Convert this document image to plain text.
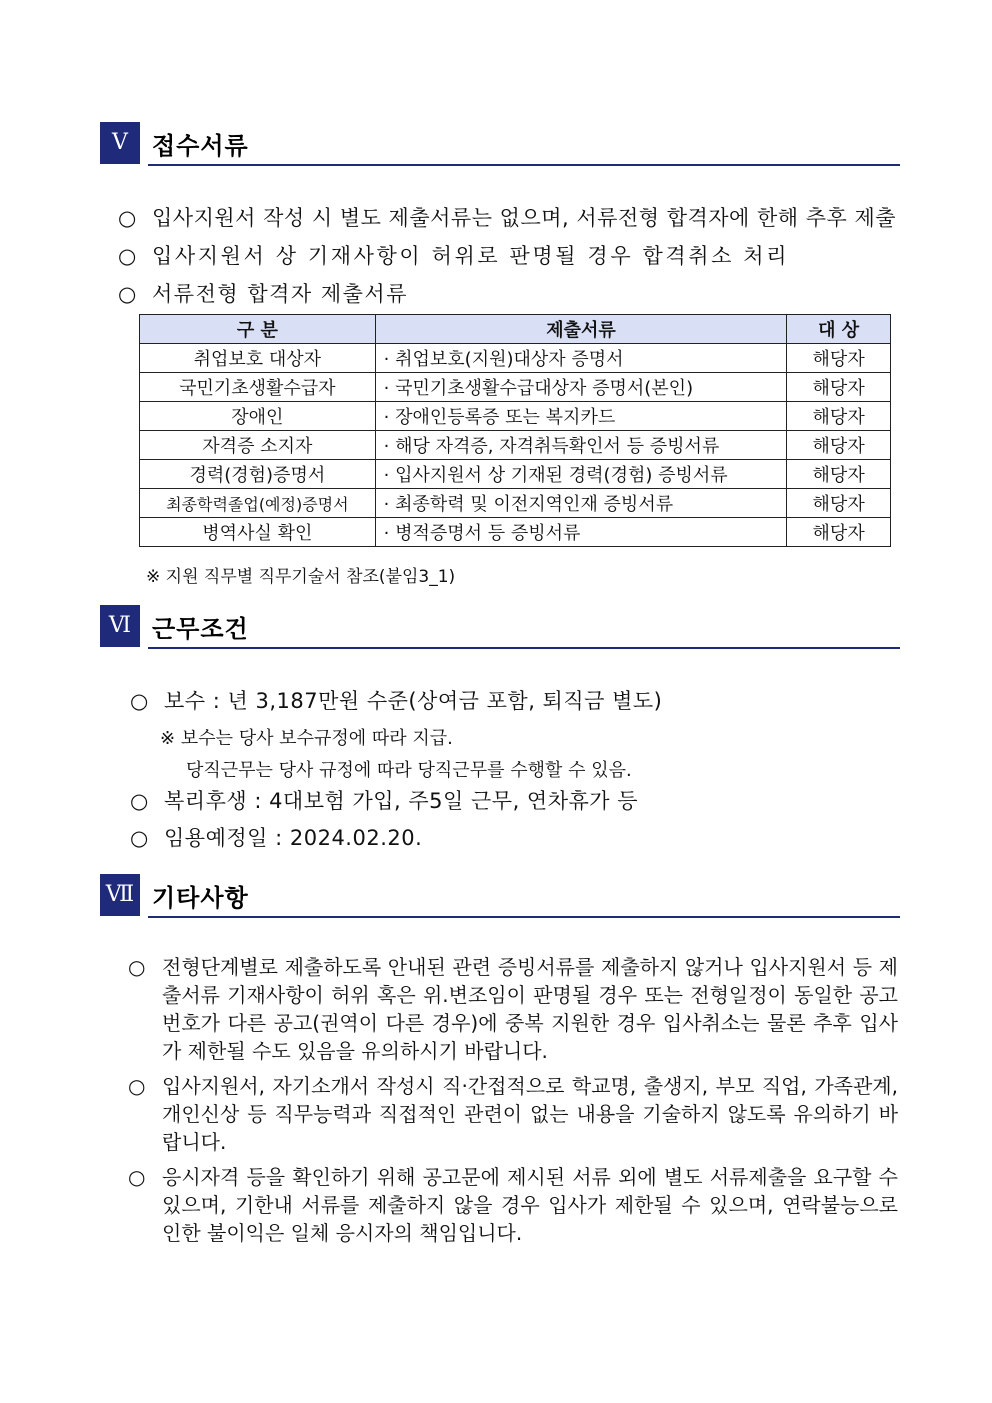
Ⅴ	접수서류
○ 입사지원서 작성 시 별도 제출서류는 없으며, 서류전형 합격자에 한해 추후 제출
○ 입사지원서 상 기재사항이 허위로 판명될 경우 합격취소 처리
○ 서류전형 합격자 제출서류
구 분	제출서류	대 상
취업보호 대상자	· 취업보호(지원)대상자 증명서	해당자
국민기초생활수급자	· 국민기초생활수급대상자 증명서(본인)	해당자
장애인	· 장애인등록증 또는 복지카드	해당자
자격증 소지자	· 해당 자격증, 자격취득확인서 등 증빙서류	해당자
경력(경험)증명서	· 입사지원서 상 기재된 경력(경험) 증빙서류	해당자
최종학력졸업(예정)증명서	· 최종학력 및 이전지역인재 증빙서류	해당자
병역사실 확인	· 병적증명서 등 증빙서류	해당자
※ 지원 직무별 직무기술서 참조(붙임3_1)
Ⅵ 근무조건
○ 보수 : 년 3,187만원 수준(상여금 포함, 퇴직금 별도)
※ 보수는 당사 보수규정에 따라 지급.
당직근무는 당사 규정에 따라 당직근무를 수행할 수 있음.
○ 복리후생 : 4대보험 가입, 주5일 근무, 연차휴가 등
○ 임용예정일 : 2024.02.20.
Ⅶ 기타사항
○ 전형단계별로 제출하도록 안내된 관련 증빙서류를 제출하지 않거나 입사지원서 등 제출서류 기재사항이 허위 혹은 위.변조임이 판명될 경우 또는 전형일정이 동일한 공고번호가 다른 공고(권역이 다른 경우)에 중복 지원한 경우 입사취소는 물론 추후 입사가 제한될 수도 있음을 유의하시기 바랍니다.
○ 입사지원서, 자기소개서 작성시 직·간접적으로 학교명, 출생지, 부모 직업, 가족관계, 개인신상 등 직무능력과 직접적인 관련이 없는 내용을 기술하지 않도록 유의하기 바랍니다.
○ 응시자격 등을 확인하기 위해 공고문에 제시된 서류 외에 별도 서류제출을 요구할 수 있으며, 기한내 서류를 제출하지 않을 경우 입사가 제한될 수 있으며, 연락불능으로 인한 불이익은 일체 응시자의 책임입니다.
